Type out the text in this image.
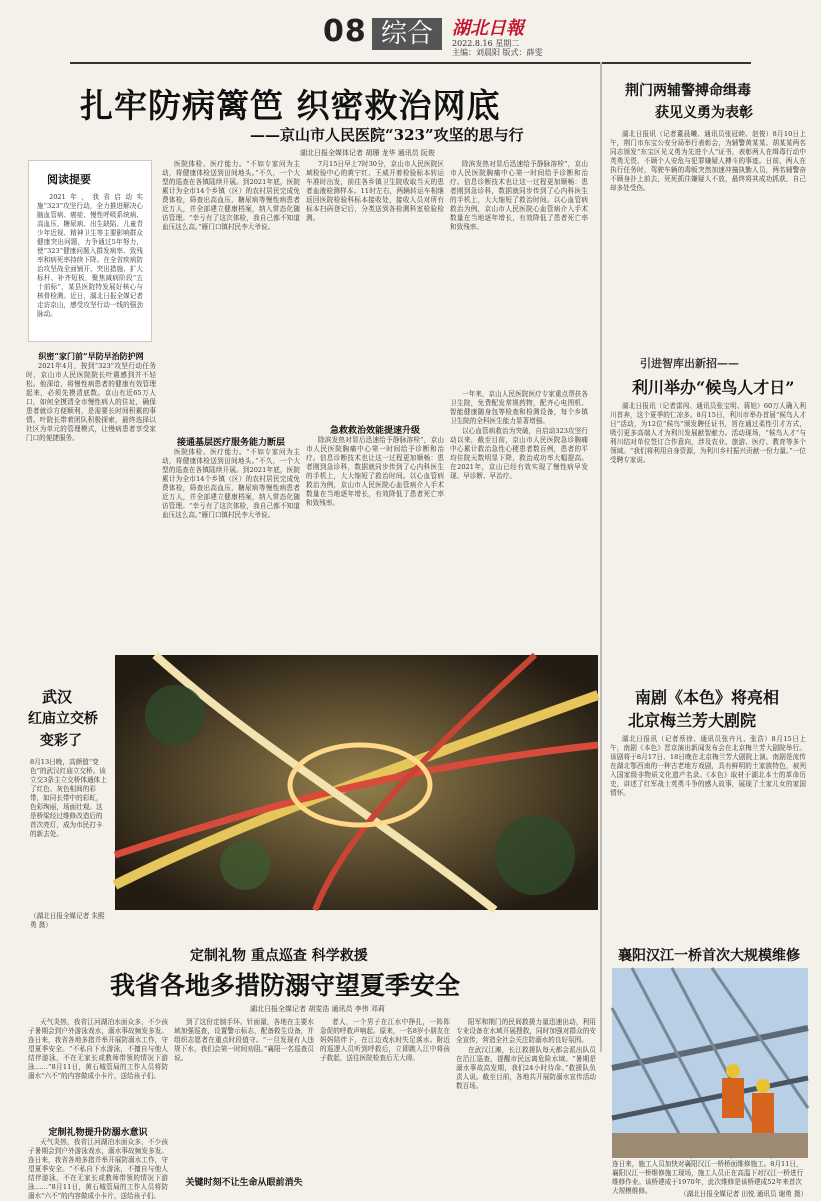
08 综合	湖北日報
2022.8.16 星期二
主编：刘晨阳 版式：薛雯
扎牢防病篱笆 织密救治网底
——京山市人民医院“323”攻坚的思与行
湖北日报全媒体记者 胡珊 龙华 通讯员 阮俊
阅读提要

2021年，我省启动实施“323”攻坚行动，全力推进解决心脑血管病、癌症、慢性呼吸系统病、高血压、糖尿病、出生缺陷、儿童青少年近视、精神卫生等主要影响群众健康突出问题，力争通过5年努力，使“323”健康问题入群发病率、致残率和病死率持续下降。在全省疾病防治攻坚战全面铺开、突出措施、扩大标杆、补齐短板，聚焦减病阶段“五十前标”，某县医院特发展好核心与核骨检测。近日，湖北日报全媒记者走访京山，感受攻坚行动一线的强劲脉动。

织密“家门前”早防早治防护网

2021年4月，按到“323”攻坚行动任务时，京山市人民医院院长叶震感到并不轻松。他深谙，将慢性病患者的健康有效管理起来，必须先摸清底数。京山有近65万人口，如何全摸清全市慢性病人的住址，确保患者就诊方便顺利，是需要长时间积累的事情。叶院长带着团队积极探索，最终选择以社区为单元的管理模式，让慢病患者享受家门口的便捷服务。

医院体检、医疗能力。“不如专家问为主动，将健康体检送到田间地头。”不久，一个大型的巡查在各镇陆续开展。到2021年底，医院累计为全市14个乡镇（区）的农村居民完成免费体检，筛查出高血压、糖尿病等慢性病患者近万人，并全部建立健康档案，纳入常态化随访管理。“幸亏有了这次体检，我自己都不知道血压这么高。”雁门口镇村民李大爷说。

接通基层医疗服务能力断层

医院体检、医疗能力。“不如专家问为主动，将健康体检送到田间地头。”不久，一个大型的巡查在各镇陆续开展。到2021年底，医院累计为全市14个乡镇（区）的农村居民完成免费体检，筛查出高血压、糖尿病等慢性病患者近万人，并全部建立健康档案，纳入常态化随访管理。“幸亏有了这次体检，我自己都不知道血压这么高。”雁门口镇村民李大爷说。

7月15日早上7时30分，京山市人民医院区域检验中心的黄宁红、王威开着检验标本转运车准时出发，前往各乡镇卫生院收取当天的患者血液检测样本。11时左右，两辆转运车相继返回医院检验科标本接收处，接收人员对所有标本扫码登记后，分类送到各检测科室检验检测。

急救救治效能提速升级

除滨发热对显后迅速给予静脉溶栓”，京山市人民医院胸痛中心第一时间给予诊断和治疗。信息诊断技术也让这一过程更加顺畅：患者刚到急诊科，数据就同步传到了心内科医生的手机上，大大缩短了救治时间。以心血管病救治为例，京山市人民医院心血管病介入手术数量在当地逐年增长，有效降低了患者死亡率和致残率。

除滨发热对显后迅速给予静脉溶栓”，京山市人民医院胸痛中心第一时间给予诊断和治疗。信息诊断技术也让这一过程更加顺畅：患者刚到急诊科，数据就同步传到了心内科医生的手机上，大大缩短了救治时间。以心血管病救治为例，京山市人民医院心血管病介入手术数量在当地逐年增长，有效降低了患者死亡率和致残率。

一年来，京山人民医院医疗专家重点帮扶各卫生院，免费配发常规药物，配齐心电图机、智能健康随身包等检查和检测设备，每个乡镇卫生院的全科医生能力显著增强。

以心血管病救治为突破，自启动323攻坚行动以来，截至目前，京山市人民医院急诊胸痛中心累计救治急性心梗患者数百例，患者的平均住院天数明显下降，救治成功率大幅提高。在2021年，京山已经有效实现了慢性病早发现、早诊断、早治疗。

荆门两辅警搏命缉毒
获见义勇为表彰

湖北日报讯（记者董晨曦、通讯员张冠睦、赵俊）8月10日上午，荆门市东宝公安分局举行表彰会，为辅警黄某某、胡某某两名同志颁发“东宝区见义勇为先进个人”证书，表彰两人在缉毒行动中英勇无畏、不顾个人安危与犯罪嫌疑人搏斗的事迹。日前，两人在执行任务时，驾驶车辆的毒贩突然加速冲撞执勤人员，两名辅警奋不顾身扑上前去，死死抓住嫌疑人不放，最终将其成功抓获，自己却多处受伤。

引进智库出新招——
利川举办“候鸟人才日”

湖北日报讯（记者雷闯、通讯员张宝明、蒋旭）60万人确入利川首奔，这个夏季的仁凉多。8月15日，利川市举办首届“候鸟人才日”活动，为12位“候鸟”颁发聘任证书，旨在通过柔性引才方式，吸引更多高端人才为利川发展献智献力。活动现场，“候鸟人才”与利川结对单位签订合作意向，涉及农业、旅游、医疗、教育等多个领域。“我们将利用自身资源，为利川乡村振兴贡献一份力量。”一位受聘专家说。

武汉
红庙立交桥
变彩了
8月13日晚，高颜值“变色”的武汉红庙立交桥。该立交3条主立交桥体通体上了红色、灰色相间的彩带，如同长带中的彩虹，色彩绚丽，场面壮观。这是桥梁经过维修改造后的首次亮灯，成为市民打卡的新去处。
（湖北日报全媒记者 朱熙勇 摄）
南剧《本色》将亮相
北京梅兰芳大剧院

湖北日报讯（记者蔡徐、通讯员张卉凡、张浩）8月15日上午，南剧《本色》晋京演出新闻发布会在北京梅兰芳大剧院举行。该剧将于8月17日、18日晚在北京梅兰芳大剧院上演。南剧是流传在湖北鄂西南的一种古老地方戏剧，具有鲜明的土家族特色，被列入国家级非物质文化遗产名录。《本色》取材于湖北本土的革命历史，讲述了红军战士英勇斗争的感人故事，展现了土家儿女的家国情怀。

定制礼物 重点巡查 科学救援
我省各地多措防溺守望夏季安全
湖北日报全媒记者 胡雯浩 通讯员 李伟 邓莉

天气炎热，我省江河湖泊水面众多，不少孩子暑期会到户外游泳戏水，溺水事故频发多发。连日来，我省各地多措并举开展防溺水工作，守望夏季安全。“不私自下水游泳，不擅自与他人结伴游泳，不在无家长或教师带领的情况下游泳……”8月11日，黄石城管局的工作人员将防溺水“六不”的内容做成小卡片，送给孩子们。

定制礼物提升防溺水意识

天气炎热，我省江河湖泊水面众多，不少孩子暑期会到户外游泳戏水，溺水事故频发多发。连日来，我省各地多措并举开展防溺水工作，守望夏季安全。“不私自下水游泳，不擅自与他人结伴游泳，不在无家长或教师带领的情况下游泳……”8月11日，黄石城管局的工作人员将防溺水“六不”的内容做成小卡片，送给孩子们。

到了这份定制手环。针面量，各地在主要水域加强巡查，设置警示标志，配备救生设备，并组织志愿者在重点时段值守。“一旦发现有人违规下水，我们会第一时间劝阻。”襄阳一名巡查员说。

关键时刻不让生命从眼前消失

者人，一个男子在江水中挣扎，一阵阵急促的呼救声响起。原来，一名8岁小朋友在妈妈陪伴下，在江边戏水时失足落水。附近的巡逻人员听到呼救后，立即跳入江中将孩子救起，送往医院检查后无大碍。

阳军和荆门的民间救援力量迅速出动，利用专业设备在水域开展搜救，同时加强对群众的安全宣传，营造全社会关注防溺水的良好氛围。

在武汉江滩，长江救援队每天都会派出队员在沿江巡查，提醒市民远离危险水域。“暑期是溺水事故高发期，我们24小时待命。”救援队负责人说。截至目前，各地共开展防溺水宣传活动数百场。

襄阳汉江一桥首次大规模维修
连日来，施工人员加快对襄阳汉江一桥桥面维修施工。8月11日，襄阳汉江一桥维修施工现场，施工人员正在高温下对汉江一桥进行维修作业。该桥建成于1970年，此次维修是该桥建成52年来首次大规模维修。	（湖北日报全媒记者 田悦 通讯员 谢勇 摄）
